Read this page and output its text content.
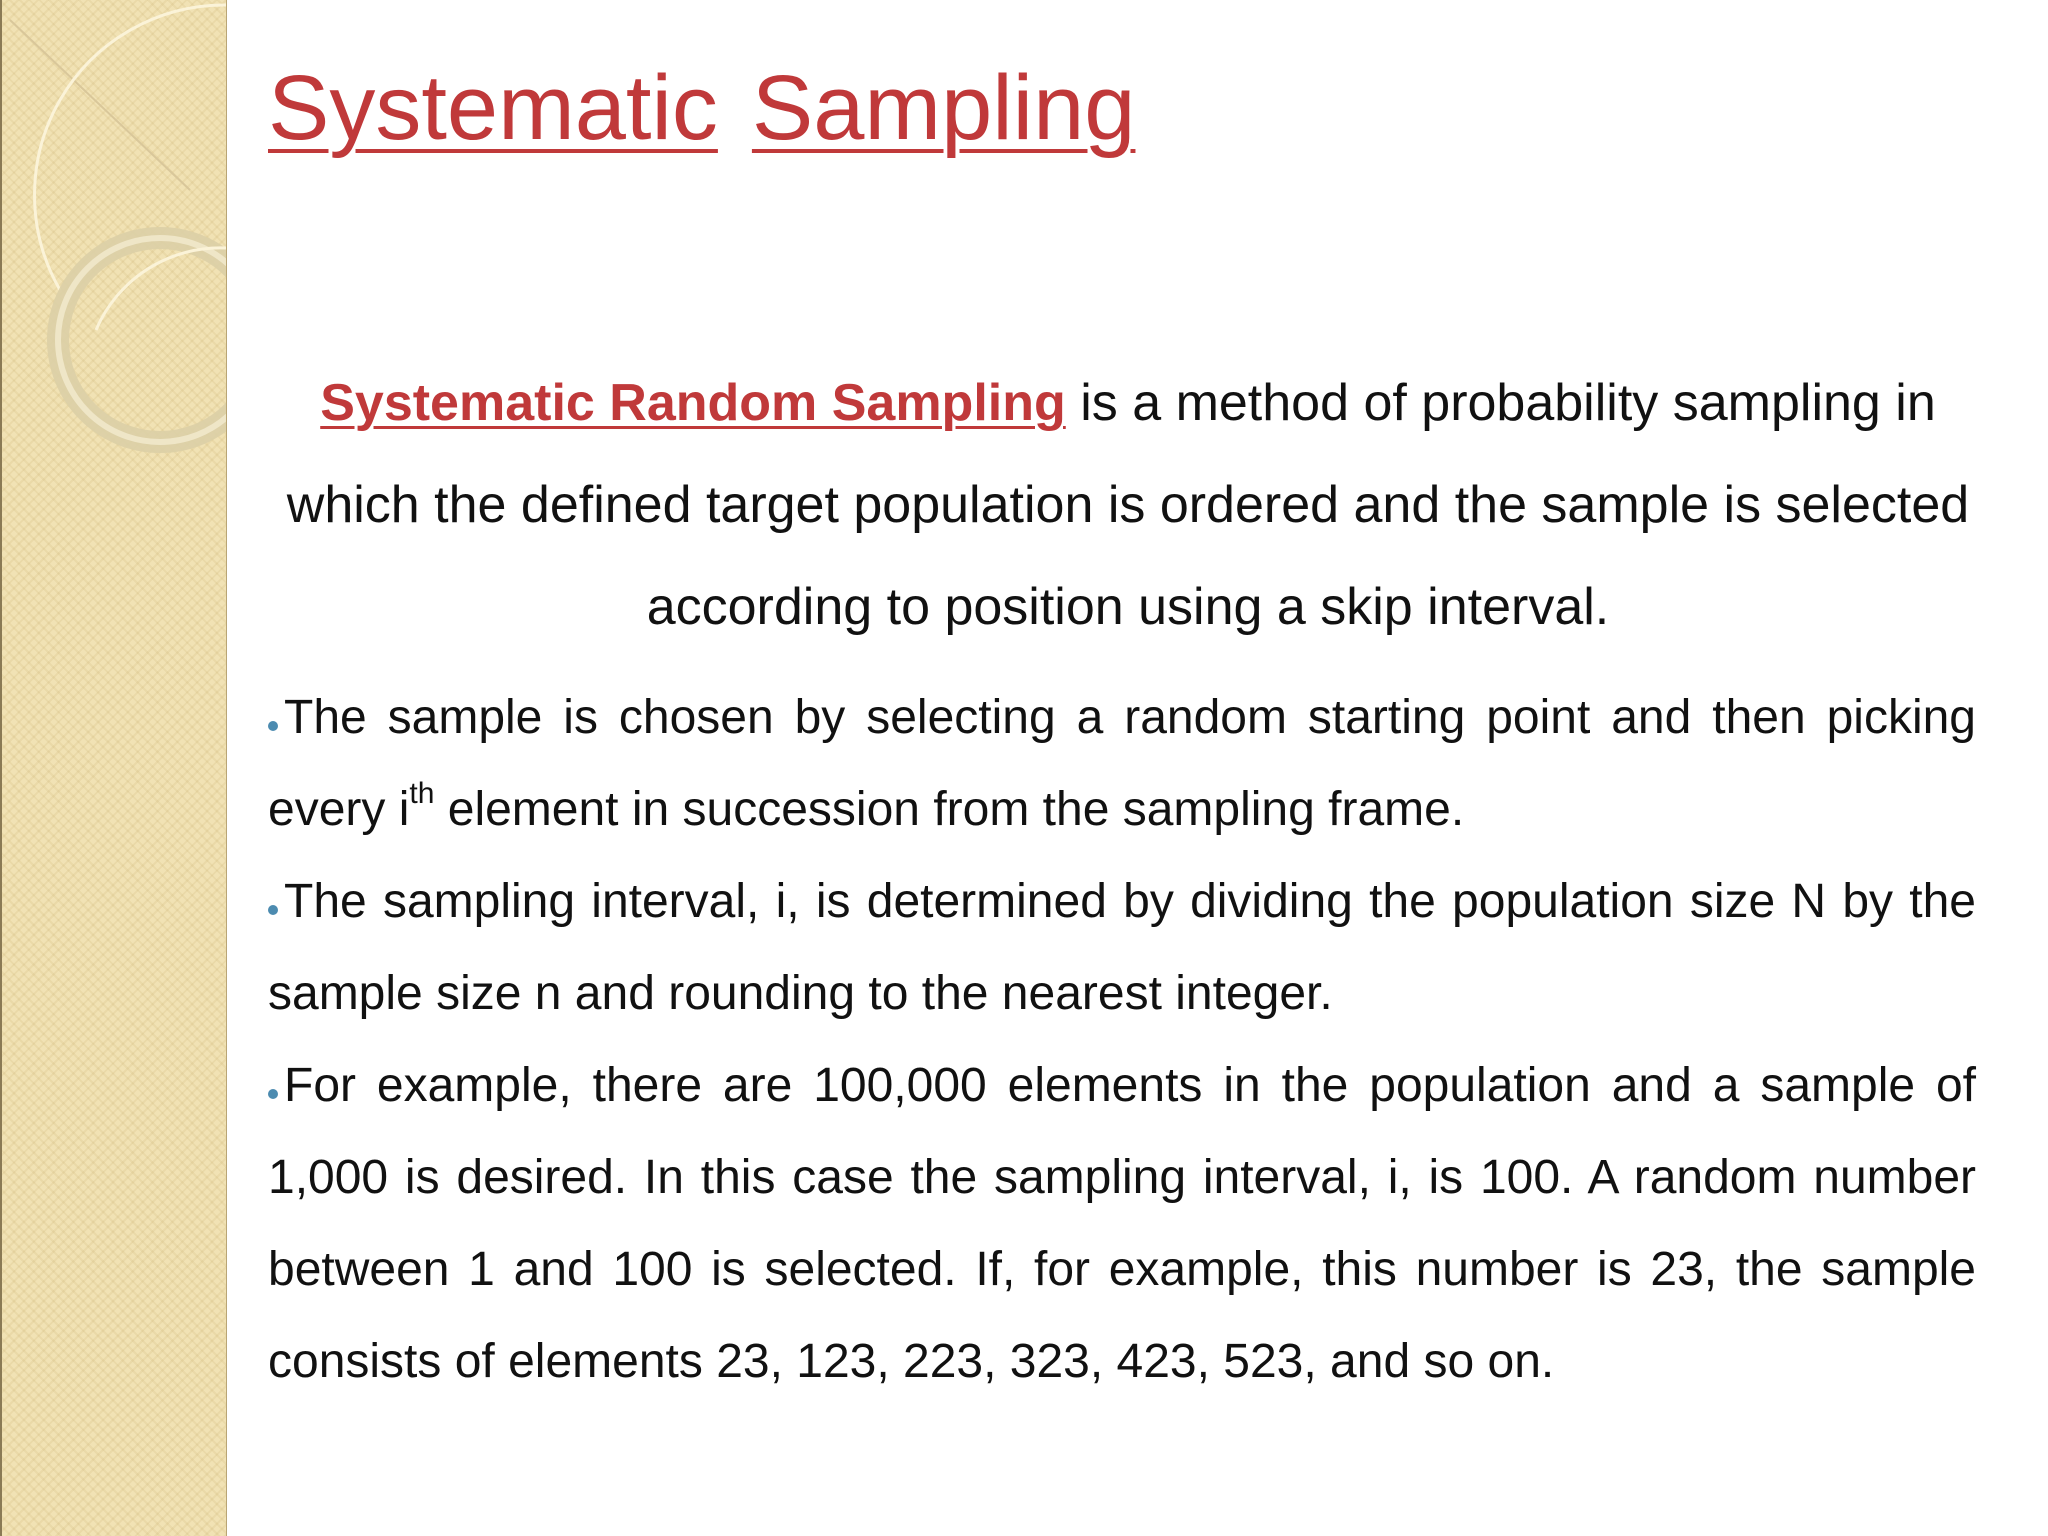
Systematic Sampling

Systematic Random Sampling is a method of probability sampling in which the defined target population is ordered and the sample is selected according to position using a skip interval.

The sample is chosen by selecting a random starting point and then picking every $i^{th}$ element in succession from the sampling frame.
The sampling interval, i, is determined by dividing the population size N by the sample size n and rounding to the nearest integer.
For example, there are 100,000 elements in the population and a sample of 1,000 is desired. In this case the sampling interval, i, is 100. A random number between 1 and 100 is selected. If, for example, this number is 23, the sample consists of elements 23, 123, 223, 323, 423, 523, and so on.
